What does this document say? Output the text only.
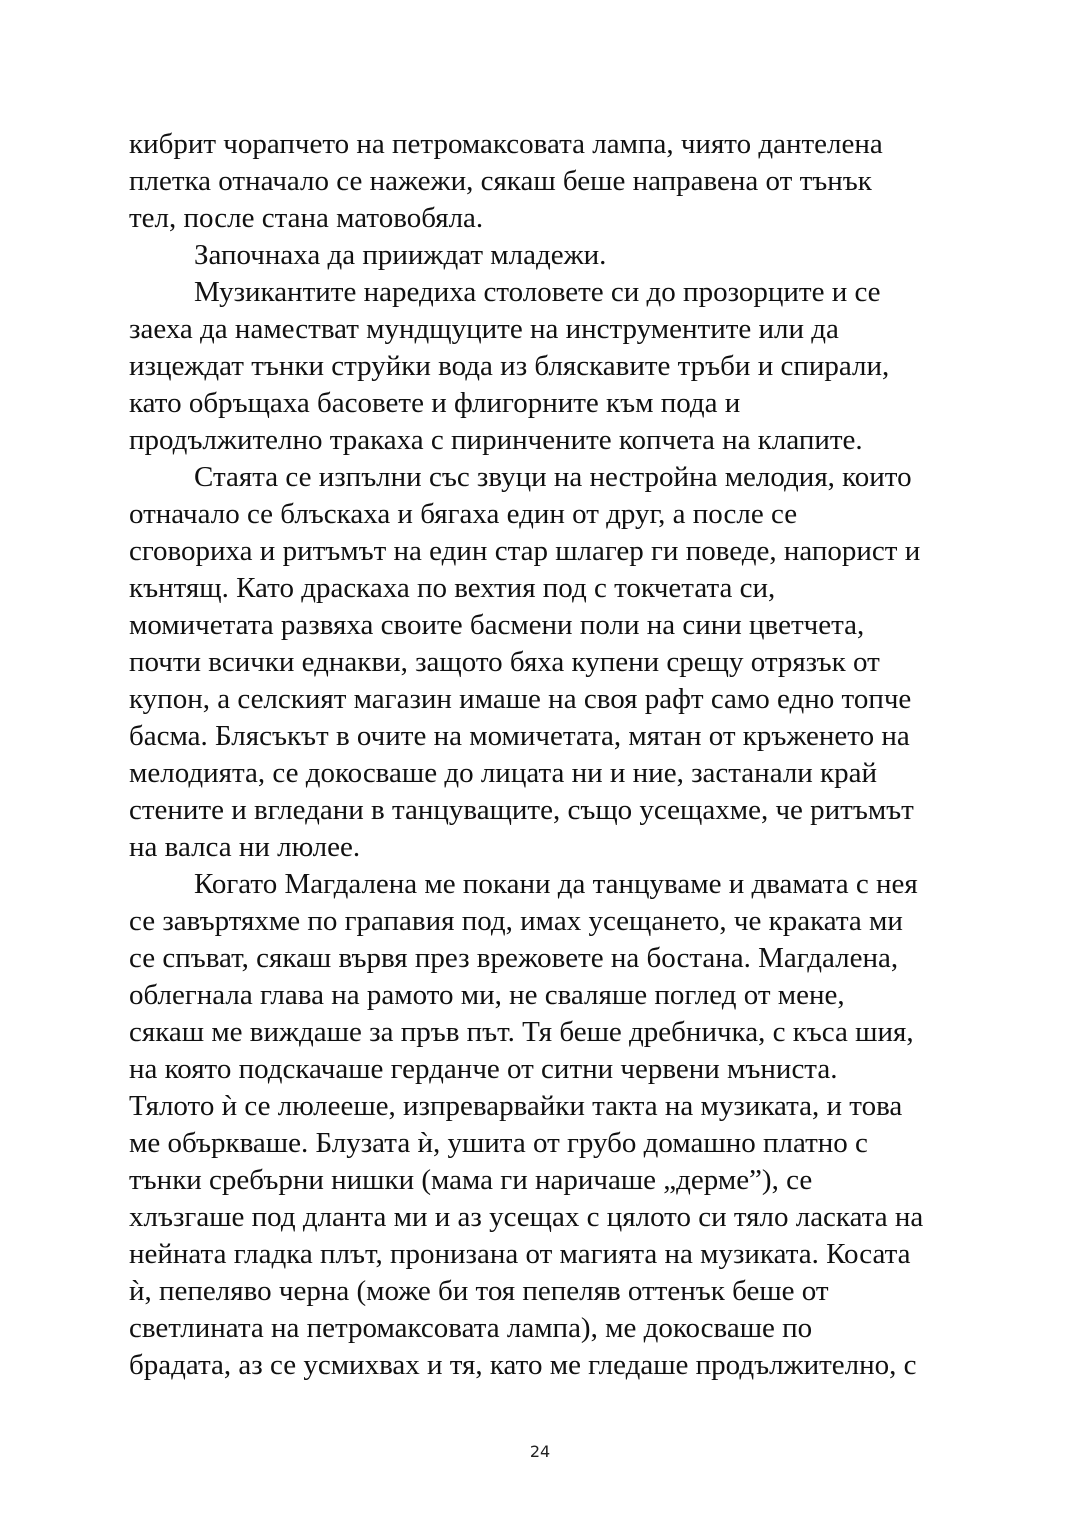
кибрит чорапчето на петромаксовата лампа, чиято дантелена
плетка отначало се нажежи, сякаш беше направена от тънък
тел, после стана матовобяла.
Започнаха да прииждат младежи.
Музикантите наредиха столовете си до прозорците и се
заеха да наместват мундщуците на инструментите или да
изцеждат тънки струйки вода из бляскавите тръби и спирали,
като обръщаха басовете и флигорните към пода и
продължително тракаха с пиринчените копчета на клапите.
Стаята се изпълни със звуци на нестройна мелодия, които
отначало се блъскаха и бягаха един от друг, а после се
сговориха и ритъмът на един стар шлагер ги поведе, напорист и
кънтящ. Като драскаха по вехтия под с токчетата си,
момичетата развяха своите басмени поли на сини цветчета,
почти всички еднакви, защото бяха купени срещу отрязък от
купон, а селският магазин имаше на своя рафт само едно топче
басма. Блясъкът в очите на момичетата, мятан от кръженето на
мелодията, се докосваше до лицата ни и ние, застанали край
стените и вгледани в танцуващите, също усещахме, че ритъмът
на валса ни люлее.
Когато Магдалена ме покани да танцуваме и двамата с нея
се завъртяхме по грапавия под, имах усещането, че краката ми
се спъват, сякаш вървя през врежовете на бостана. Магдалена,
облегнала глава на рамото ми, не сваляше поглед от мене,
сякаш ме виждаше за пръв път. Тя беше дребничка, с къса шия,
на която подскачаше герданче от ситни червени мъниста.
Тялото ѝ се люлееше, изпреварвайки такта на музиката, и това
ме объркваше. Блузата ѝ, ушита от грубо домашно платно с
тънки сребърни нишки (мама ги наричаше „дерме”), се
хлъзгаше под дланта ми и аз усещах с цялото си тяло ласката на
нейната гладка плът, пронизана от магията на музиката. Косата
ѝ, пепеляво черна (може би тоя пепеляв оттенък беше от
светлината на петромаксовата лампа), ме докосваше по
брадата, аз се усмихвах и тя, като ме гледаше продължително, с
24
